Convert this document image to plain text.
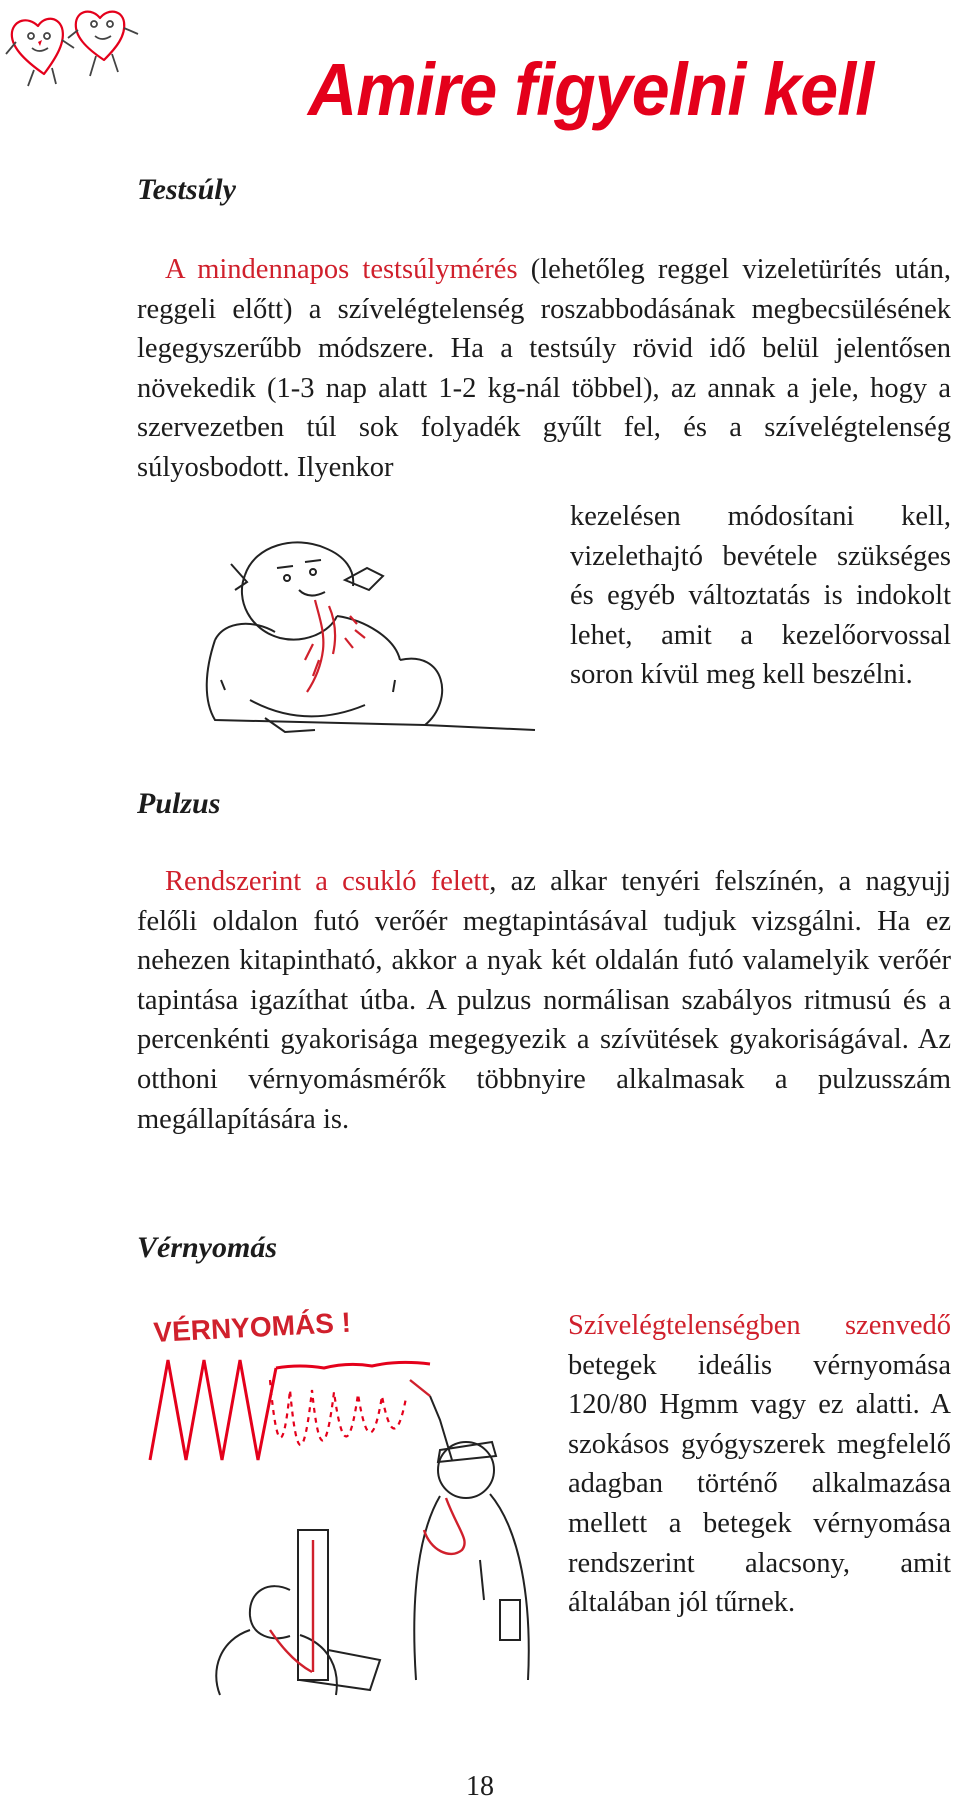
Amire figyelni kell
Testsúly

A mindennapos testsúlymérés (lehetőleg reggel vizeletürítés után, reggeli előtt) a szívelégtelenség roszabbodásának megbecsülésének legegyszerűbb módszere. Ha a testsúly rövid idő belül jelentősen növekedik (1-3 nap alatt 1-2 kg-nál többel), az annak a jele, hogy a szervezetben túl sok folyadék gyűlt fel, és a szívelégtelenség súlyosbodott. Ilyenkor

kezelésen módosítani kell, vizelethajtó bevétele szükséges és egyéb változtatás is indokolt lehet, amit a kezelőorvossal soron kívül meg kell beszélni.
Pulzus

Rendszerint a csukló felett, az alkar tenyéri felszínén, a nagyujj felőli oldalon futó verőér megtapintásával tudjuk vizsgálni. Ha ez nehezen kitapintható, akkor a nyak két oldalán futó valamelyik verőér tapintása igazíthat útba. A pulzus normálisan szabályos ritmusú és a percenkénti gyakorisága megegyezik a szívütések gyakoriságával. Az otthoni vérnyomásmérők többnyire alkalmasak a pulzusszám megállapítására is.

Vérnyomás
Szívelégtelenségben szenvedő betegek ideális vérnyomása 120/80 Hgmm vagy ez alatti. A szokásos gyógyszerek megfelelő adagban történő alkalmazása mellett a betegek vérnyomása rendszerint alacsony, amit általában jól tűrnek.
VÉRNYOMÁS !
18
